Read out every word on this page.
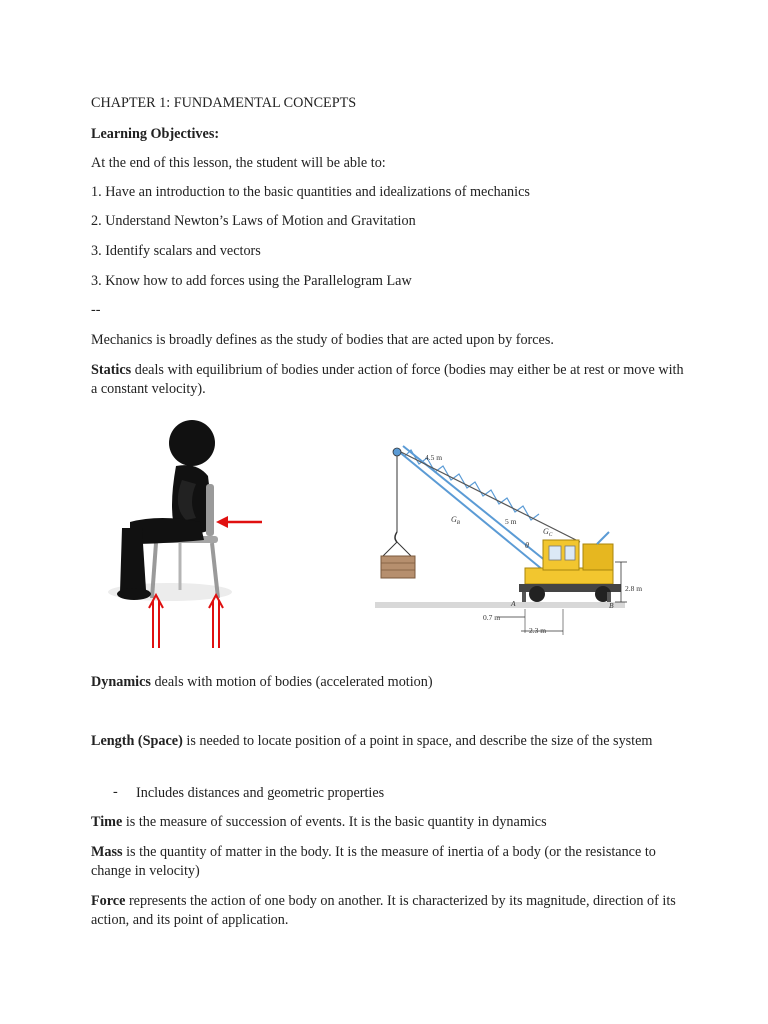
CHAPTER 1: FUNDAMENTAL CONCEPTS
Learning Objectives:
At the end of this lesson, the student will be able to:
1. Have an introduction to the basic quantities and idealizations of mechanics
2. Understand Newton’s Laws of Motion and Gravitation
3. Identify scalars and vectors
3. Know how to add forces using the Parallelogram Law
--
Mechanics is broadly defines as the study of bodies that are acted upon by forces.
Statics deals with equilibrium of bodies under action of force (bodies may either be at rest or move with a constant velocity).
2.8 m
4.5 m
5 m
$G_B$
$G_C$
θ
A	B
0.7 m
2.3 m
Dynamics deals with motion of bodies (accelerated motion)
Length (Space) is needed to locate position of a point in space, and describe the size of the system
- Includes distances and geometric properties
Time is the measure of succession of events. It is the basic quantity in dynamics
Mass is the quantity of matter in the body. It is the measure of inertia of a body (or the resistance to change in velocity)
Force represents the action of one body on another. It is characterized by its magnitude, direction of its action, and its point of application.
